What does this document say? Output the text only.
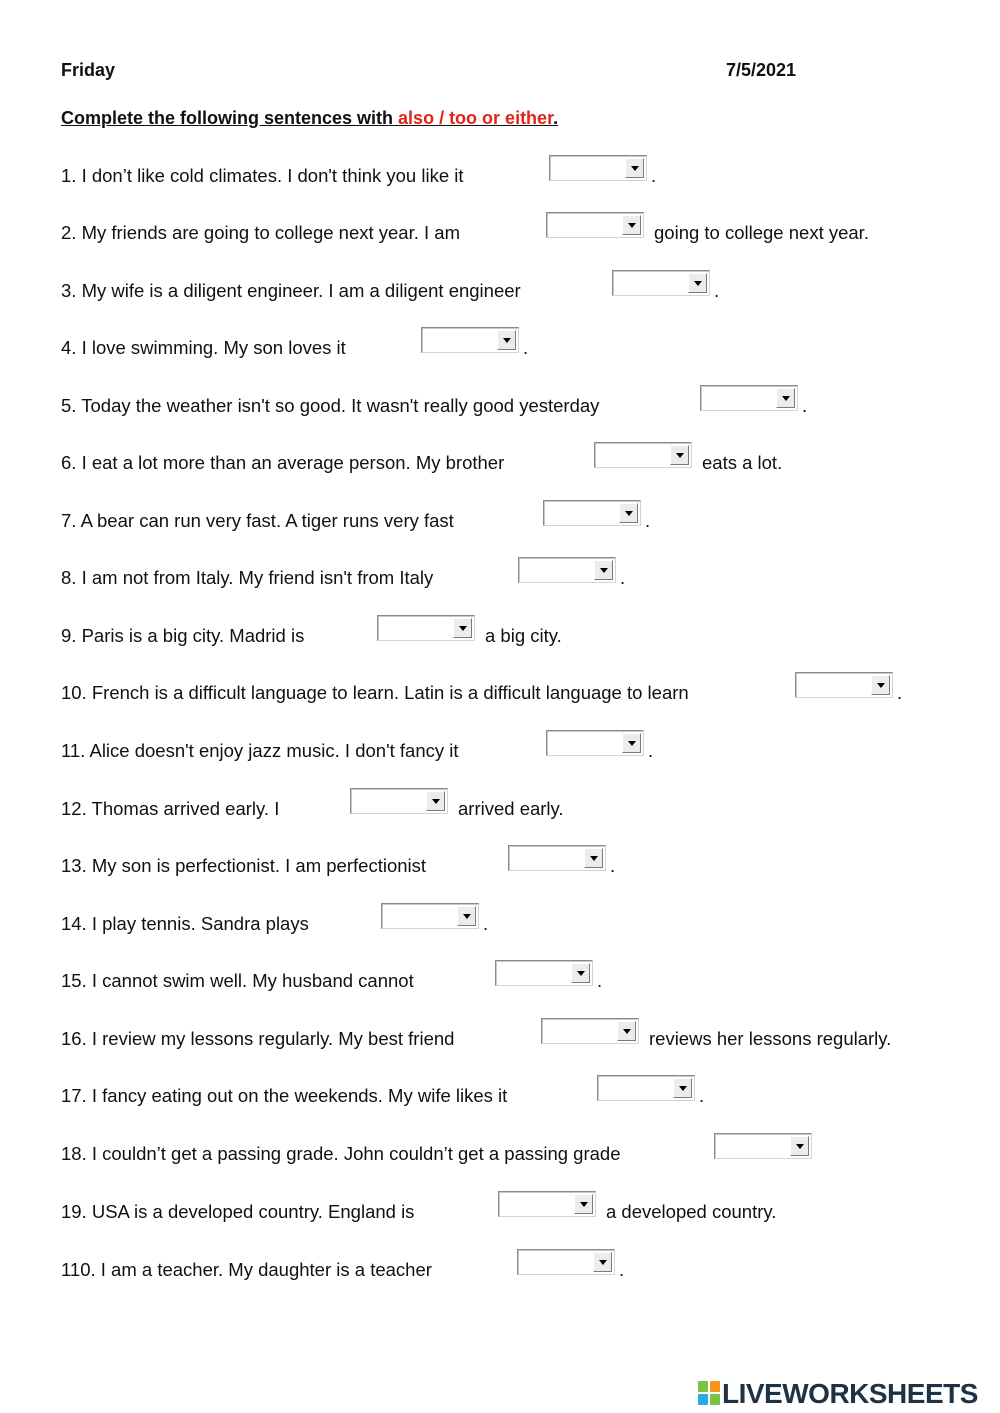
Friday	7/5/2021
Complete the following sentences with also / too or either.
1. I don’t like cold climates. I don't think you like it	.
2. My friends are going to college next year. I am	going to college next year.
3. My wife is a diligent engineer. I am a diligent engineer	.
4. I love swimming. My son loves it	.
5. Today the weather isn't so good. It wasn't really good yesterday	.
6. I eat a lot more than an average person. My brother	eats a lot.
7. A bear can run very fast. A tiger runs very fast	.
8. I am not from Italy. My friend isn't from Italy	.
9. Paris is a big city. Madrid is	a big city.
10. French is a difficult language to learn. Latin is a difficult language to learn	.
11. Alice doesn't enjoy jazz music. I don't fancy it	.
12. Thomas arrived early. I	arrived early.
13. My son is perfectionist. I am perfectionist	.
14. I play tennis. Sandra plays	.
15. I cannot swim well. My husband cannot	.
16. I review my lessons regularly. My best friend	reviews her lessons regularly.
17. I fancy eating out on the weekends. My wife likes it	.
18. I couldn’t get a passing grade. John couldn’t get a passing grade
19. USA is a developed country. England is	a developed country.
110. I am a teacher. My daughter is a teacher	.
LIVEWORKSHEETS
